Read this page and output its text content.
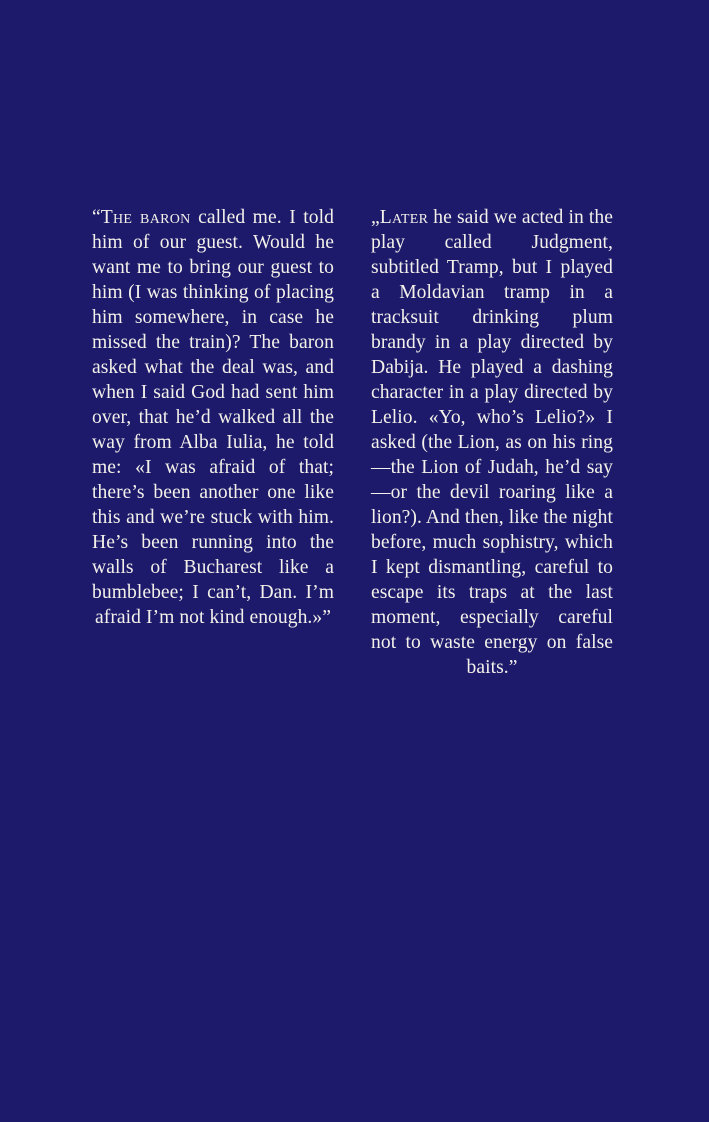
“The baron called me. I told him of our guest. Would he want me to bring our guest to him (I was thinking of placing him somewhere, in case he missed the train)? The baron asked what the deal was, and when I said God had sent him over, that he’d walked all the way from Alba Iulia, he told me: «I was afraid of that; there’s been another one like this and we’re stuck with him. He’s been running into the walls of Bucharest like a bumblebee; I can’t, Dan. I’m afraid I’m not kind enough.»”

„Later he said we acted in the play called Judgment, subtitled Tramp, but I played a Moldavian tramp in a tracksuit drinking plum brandy in a play directed by Dabija. He played a dashing character in a play directed by Lelio. «Yo, who’s Lelio?» I asked (the Lion, as on his ring—the Lion of Judah, he’d say—or the devil roaring like a lion?). And then, like the night before, much sophistry, which I kept dismantling, careful to escape its traps at the last moment, especially careful not to waste energy on false baits.”
